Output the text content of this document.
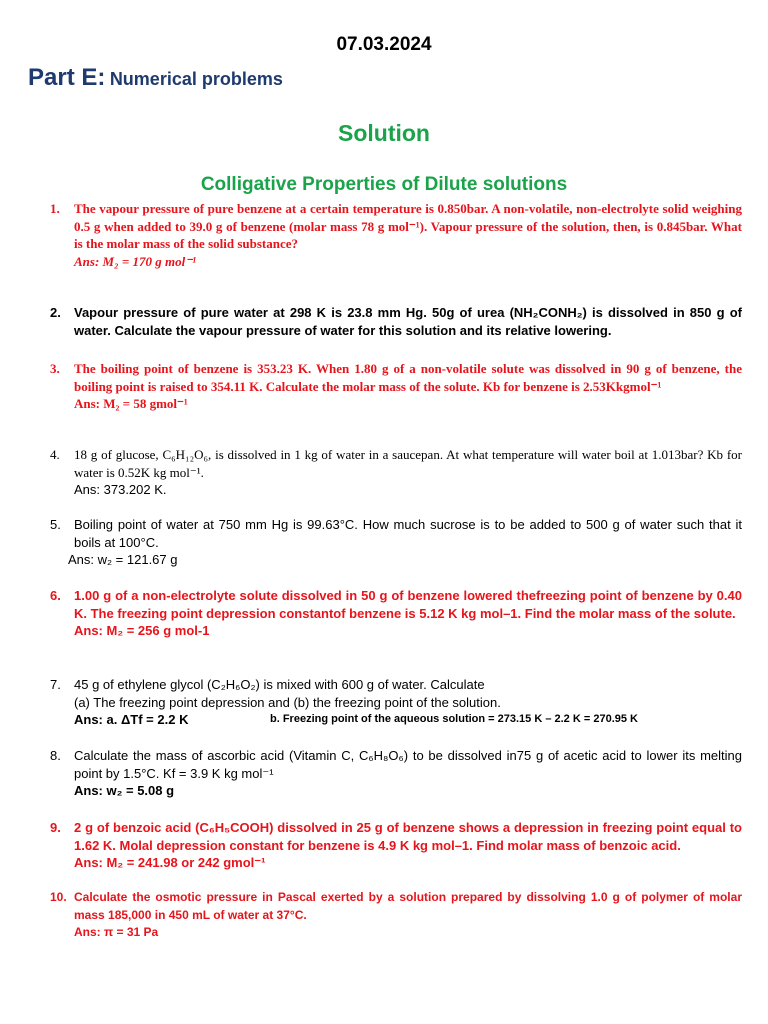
07.03.2024
Part E: Numerical problems
Solution
Colligative Properties of Dilute solutions
1. The vapour pressure of pure benzene at a certain temperature is 0.850bar. A non-volatile, non-electrolyte solid weighing 0.5 g when added to 39.0 g of benzene (molar mass 78 g mol⁻¹). Vapour pressure of the solution, then, is 0.845bar. What is the molar mass of the solid substance?
Ans: M₂ = 170 g mol⁻¹
2. Vapour pressure of pure water at 298 K is 23.8 mm Hg. 50g of urea (NH₂CONH₂) is dissolved in 850 g of water. Calculate the vapour pressure of water for this solution and its relative lowering.
3. The boiling point of benzene is 353.23 K. When 1.80 g of a non-volatile solute was dissolved in 90 g of benzene, the boiling point is raised to 354.11 K. Calculate the molar mass of the solute. Kb for benzene is 2.53Kkgmol⁻¹
Ans: M₂ = 58 gmol⁻¹
4. 18 g of glucose, C₆H₁₂O₆, is dissolved in 1 kg of water in a saucepan. At what temperature will water boil at 1.013bar? Kb for water is 0.52K kg mol⁻¹.
Ans: 373.202 K.
5. Boiling point of water at 750 mm Hg is 99.63°C. How much sucrose is to be added to 500 g of water such that it boils at 100°C.
Ans: w₂ = 121.67 g
6. 1.00 g of a non-electrolyte solute dissolved in 50 g of benzene lowered thefreezing point of benzene by 0.40 K. The freezing point depression constantof benzene is 5.12 K kg mol–1. Find the molar mass of the solute.
Ans: M₂ = 256 g mol-1
7. 45 g of ethylene glycol (C₂H₆O₂) is mixed with 600 g of water. Calculate
(a) The freezing point depression and (b) the freezing point of the solution.
Ans: a. ΔTf = 2.2 K	b. Freezing point of the aqueous solution = 273.15 K – 2.2 K = 270.95 K
8. Calculate the mass of ascorbic acid (Vitamin C, C₆H₈O₆) to be dissolved in75 g of acetic acid to lower its melting point by 1.5°C. Kf = 3.9 K kg mol⁻¹
Ans: w₂ = 5.08 g
9. 2 g of benzoic acid (C₆H₅COOH) dissolved in 25 g of benzene shows a depression in freezing point equal to 1.62 K. Molal depression constant for benzene is 4.9 K kg mol–1. Find molar mass of benzoic acid.
Ans: M₂ = 241.98 or 242 gmol⁻¹
10. Calculate the osmotic pressure in Pascal exerted by a solution prepared by dissolving 1.0 g of polymer of molar mass 185,000 in 450 mL of water at 37°C.
Ans: π = 31 Pa
